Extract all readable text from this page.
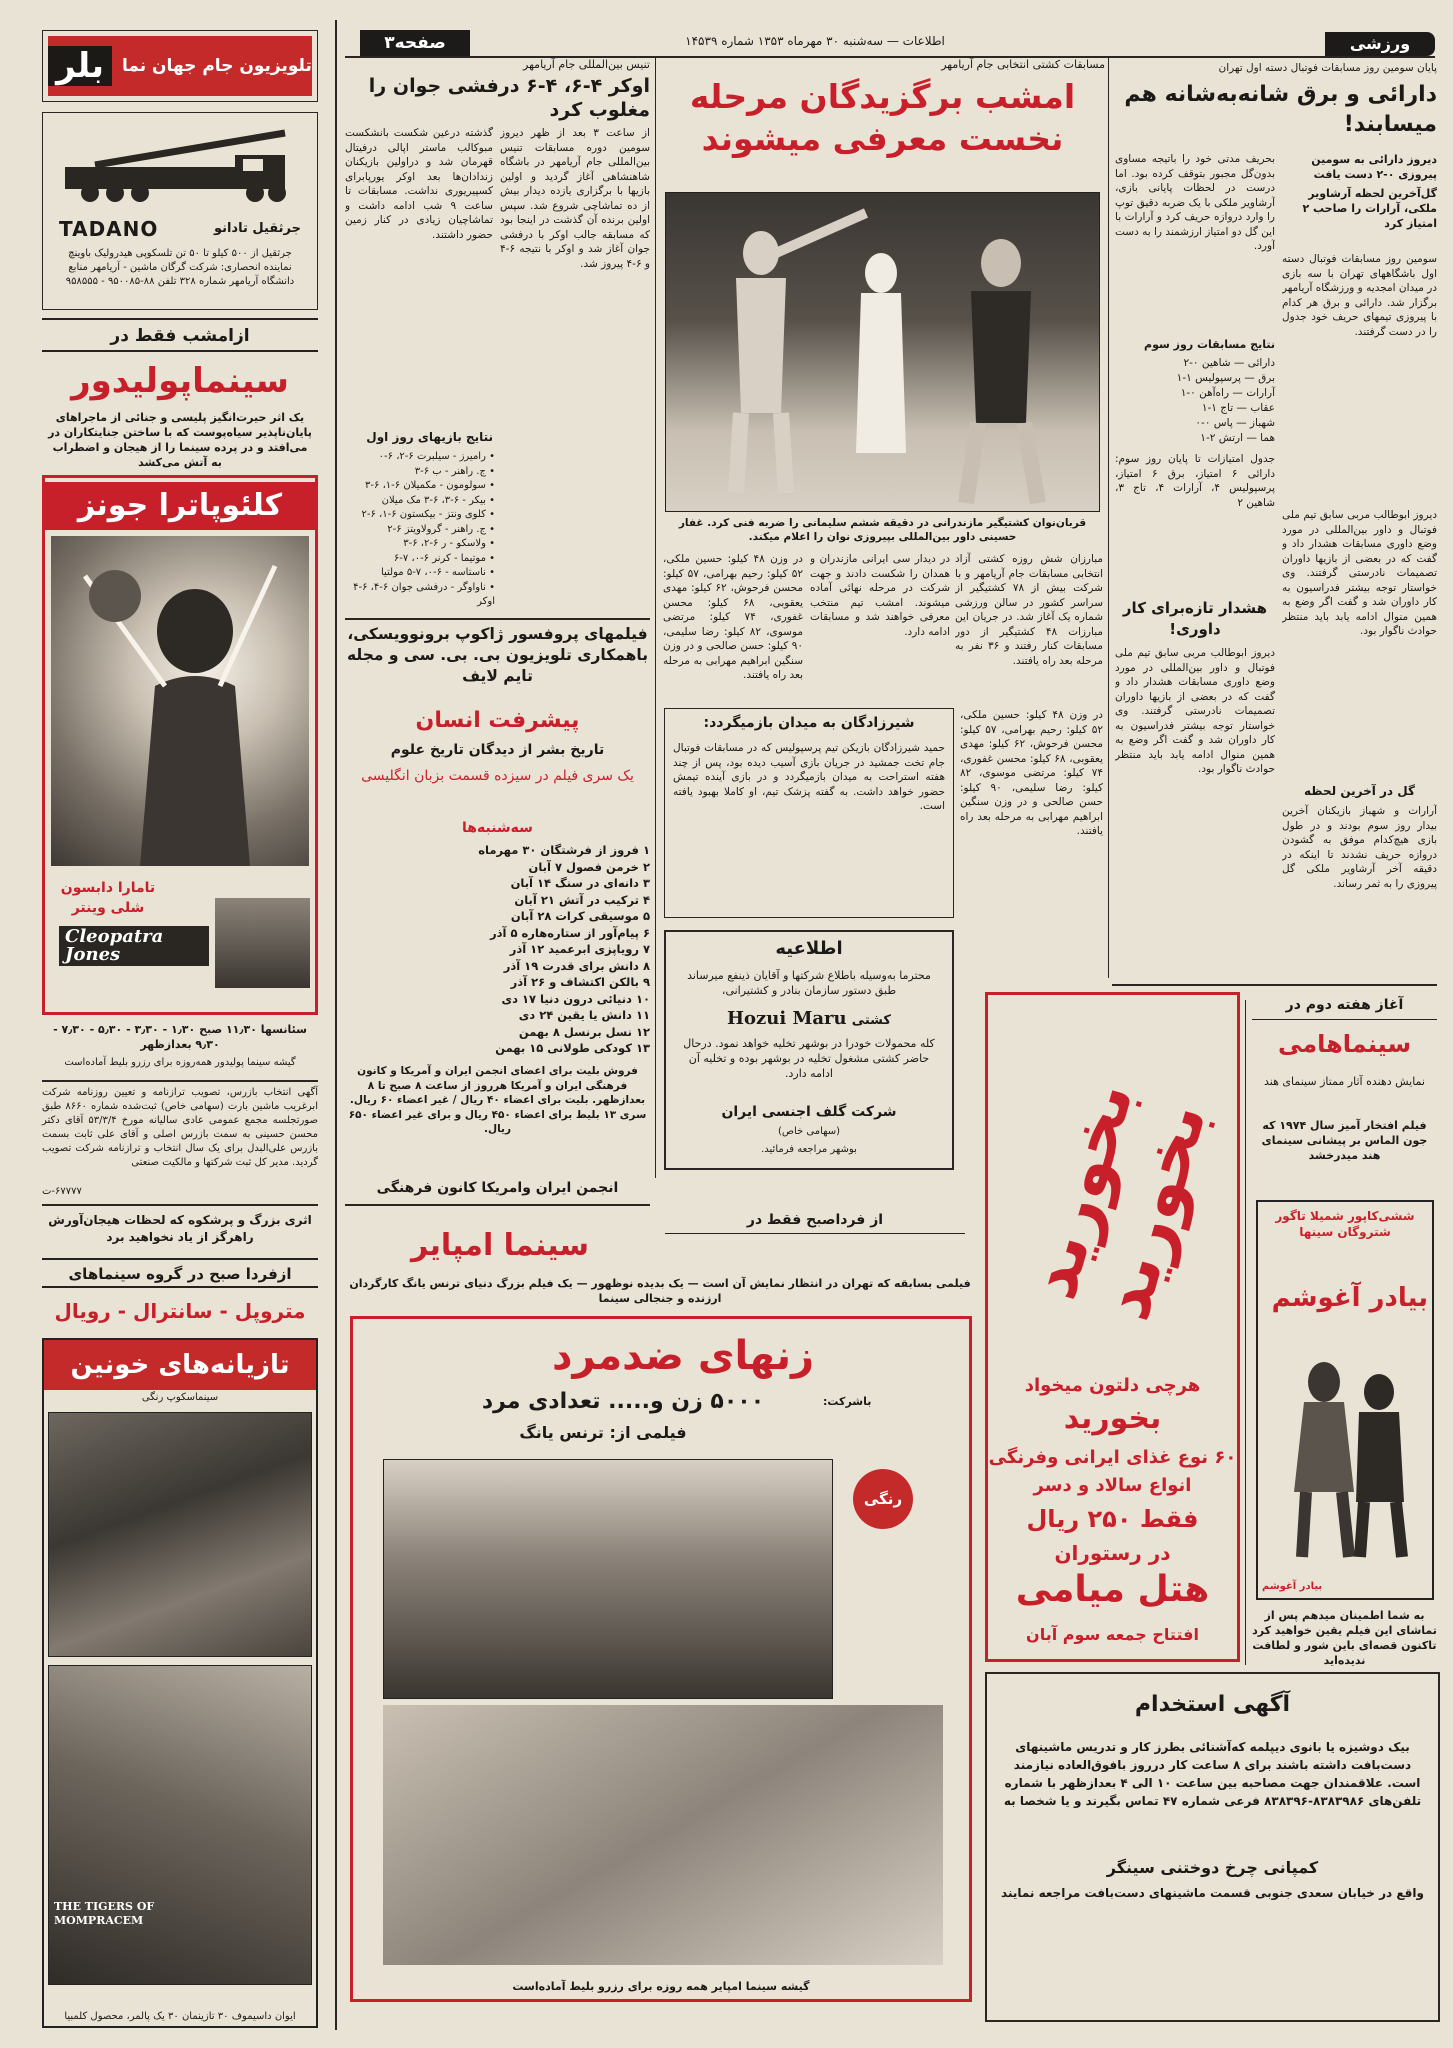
ورزشی
اطلاعات — سه‌شنبه ۳۰ مهرماه ۱۳۵۳ شماره ۱۴۵۳۹
صفحه۳
تلویزیون جام جهان نما
بلر
TADANO	جرثقیل تادانو
جرثقیل از ۵۰۰ کیلو تا ۵۰ تن تلسکوپی هیدرولیک باوینچ نماینده انحصاری: شرکت گرگان ماشین - آریامهر منابع دانشگاه آریامهر شماره ۳۲۸ تلفن ۸۸-۹۵۰۰۸۵ - ۹۵۸۵۵۵
ازامشب فقط در
سینماپولیدور
یک اثر حیرت‌انگیز پلیسی و جنائی از ماجراهای پایان‌ناپذیر سیاه‌پوست که با ساختن جنایتکاران در می‌افتد و در پرده سینما را از هیجان و اضطراب به آتش می‌کشد
کلئوپاترا جونز
تامارا دابسون شلی وینتر
Cleopatra Jones
سئانسها ۱۱٫۳۰ صبح ۱٫۳۰ - ۳٫۳۰ - ۵٫۳۰ - ۷٫۳۰ - ۹٫۳۰ بعدازظهر
گیشه سینما پولیدور همه‌روزه برای رزرو بلیط آماده‌است
آگهی انتخاب بازرس، تصویب ترازنامه و تعیین روزنامه شرکت ابرغریب ماشین بارت (سهامی خاص) ثبت‌شده شماره ۸۶۶۰ طبق صورتجلسه مجمع عمومی عادی سالیانه مورخ ۵۳/۳/۴ آقای دکتر محسن حسینی به سمت بازرس اصلی و آقای علی ثابت بسمت بازرس علی‌البدل برای یک سال انتخاب و ترازنامه شرکت تصویب گردید. مدیر کل ثبت شرکتها و مالکیت صنعتی
۶۷۷۷۷-ت
اثری بزرگ و پرشکوه که لحظات هیجان‌آورش راهرگز از یاد نخواهید برد
ازفردا صبح در گروه سینماهای
متروپل - سانترال - رویال
تازیانه‌های خونین
سینماسکوپ رنگی
THE TIGERS OF MOMPRACEM
ایوان داسیموف ۳۰ تازینمان ۳۰ یک پالمر، محصول کلمبیا
تنیس بین‌المللی جام آریامهر
اوکر ۴-۶، ۴-۶ درفشی جوان را مغلوب کرد
از ساعت ۳ بعد از ظهر دیروز سومین دوره مسابقات تنیس بین‌المللی جام آریامهر در باشگاه شاهنشاهی آغاز گردید و اولین بازیها با برگزاری یازده دیدار بیش از ده تماشاچی شروع شد. سپس اولین برنده آن گذشت در اینجا بود که مسابقه جالب اوکر با درفشی جوان آغاز شد و اوکر با نتیجه ۶-۴ و ۶-۴ پیروز شد.
گذشته درعین شکست بانشکست مبوکالب ماستر اپالی درفیتال قهرمان شد و دراولین بازیکنان زندادان‌ها بعد اوکر یورپابرای کسپیریوری نداشت. مسابقات تا ساعت ۹ شب ادامه داشت و تماشاچیان زیادی در کنار زمین حضور داشتند.
نتایج بازیهای روز اول
• رامیرز - سیلبرت ۶-۲، ۶-۰
• ج. راهنر - ب ۶-۳
• سولومون - مکمیلان ۶-۱، ۶-۳
• بیکر - ۶-۳، ۶-۳ مک میلان
• کلوی ونتز - بیکستون ۶-۱، ۶-۲
• ج. راهنر - گرولاویتز ۶-۲
• ولاسکو - ر ۶-۲، ۶-۳
• موتیما - کرنر ۶-۰، ۷-۶
• ناستاسه - ۶-۰، ۷-۵ مولتیا
• ناواوگر - درفشی جوان ۶-۴، ۶-۴ اوکر
فیلمهای پروفسور ژاکوپ برونوویسکی، باهمکاری تلویزیون بی. بی. سی و مجله تایم لایف
پیشرفت انسان
تاریخ بشر از دیدگان تاریخ علوم
یک سری فیلم در سیزده قسمت بزبان انگلیسی
سه‌شنبه‌ها
۱ فروز از فرشتگان ۳۰ مهرماه
۲ خرمن فصول ۷ آبان
۳ دانه‌ای در سنگ ۱۴ آبان
۴ ترکیب در آتش ۲۱ آبان
۵ موسیقی کرات ۲۸ آبان
۶ پیام‌آور از ستاره‌هاره ۵ آذر
۷ رویاپزی ابرعمید ۱۲ آذر
۸ دانش برای قدرت ۱۹ آذر
۹ بالکن اکتشاف و ۲۶ آذر
۱۰ دنیائی درون دنیا ۱۷ دی
۱۱ دانش یا یقین ۲۴ دی
۱۲ نسل برنسل ۸ بهمن
۱۳ کودکی طولانی ۱۵ بهمن
فروش بلیت برای اعضای انجمن ایران و آمریکا و کانون فرهنگی ایران و آمریکا هرروز از ساعت ۸ صبح تا ۸ بعدازظهر. بلیت برای اعضاء ۴۰ ریال / غیر اعضاء ۶۰ ریال. سری ۱۳ بلیط برای اعضاء ۴۵۰ ریال و برای غیر اعضاء ۶۵۰ ریال.
انجمن ایران وامریکا کانون فرهنگی
مسابقات کشتی انتخابی جام آریامهر
امشب برگزیدگان مرحله نخست معرفی میشوند
قربان‌نوان کشتیگیر مازندرانی در دقیقه ششم سلیمانی را ضربه فنی کرد. غفار حسینی داور بین‌المللی بپیروزی نوان را اعلام میکند.
مبارزان شش روزه کشتی آزاد انتخابی مسابقات جام آریامهر و با شرکت بیش از ۷۸ کشتیگیر از سراسر کشور در سالن ورزشی شماره یک آغاز شد. در جریان این مبارزات ۴۸ کشتیگیر از دور مسابقات کنار رفتند و ۳۶ نفر به مرحله بعد راه یافتند.
در دیدار سی ایرانی مازندران و همدان را شکست دادند و جهت شرکت در مرحله نهائی آماده میشوند. امشب تیم منتخب معرفی خواهند شد و مسابقات ادامه دارد.
در وزن ۴۸ کیلو: حسین ملکی، ۵۲ کیلو: رحیم بهرامی، ۵۷ کیلو: محسن فرحوش، ۶۲ کیلو: مهدی یعقوبی، ۶۸ کیلو: محسن غفوری، ۷۴ کیلو: مرتضی موسوی، ۸۲ کیلو: رضا سلیمی، ۹۰ کیلو: حسن صالحی و در وزن سنگین ابراهیم مهرابی به مرحله بعد راه یافتند.
شیرزادگان به میدان بازمیگردد:
حمید شیرزادگان بازیکن تیم پرسپولیس که در مسابقات فوتبال جام تخت جمشید در جریان بازی آسیب دیده بود، پس از چند هفته استراحت به میدان بازمیگردد و در بازی آینده تیمش حضور خواهد داشت. به گفته پزشک تیم، او کاملا بهبود یافته است.
در وزن ۴۸ کیلو: حسین ملکی، ۵۲ کیلو: رحیم بهرامی، ۵۷ کیلو: محسن فرحوش، ۶۲ کیلو: مهدی یعقوبی، ۶۸ کیلو: محسن غفوری، ۷۴ کیلو: مرتضی موسوی، ۸۲ کیلو: رضا سلیمی، ۹۰ کیلو: حسن صالحی و در وزن سنگین ابراهیم مهرابی به مرحله بعد راه یافتند.
اطلاعیه
محترما به‌وسیله باطلاع شرکتها و آقایان ذینفع میرساند طبق دستور سازمان بنادر و کشتیرانی،
کشتی Hozui Maru
کله محمولات خودرا در بوشهر تخلیه خواهد نمود. درحال حاضر کشتی مشغول تخلیه در بوشهر بوده و تخلیه آن ادامه دارد.
شرکت گلف اجنسی ایران
(سهامی خاص)
بوشهر مراجعه فرمائید.
پایان سومین روز مسابقات فوتبال دسته اول تهران
دارائی و برق شانه‌به‌شانه هم میسابند!

دیروز دارائی به سومین پیروزی ۰-۲ دست یافت

گل‌آخرین لحظه آرشاویر ملکی، آرارات را صاحب ۲ امتیاز کرد

بحریف مدتی خود را باتیجه مساوی بدون‌گل مجبور بتوقف کرده بود. اما درست در لحظات پایانی بازی، آرشاویر ملکی با یک ضربه دقیق توپ را وارد دروازه حریف کرد و آرارات با این گل دو امتیاز ارزشمند را به دست آورد.
سومین روز مسابقات فوتبال دسته اول باشگاههای تهران با سه بازی در میدان امجدیه و ورزشگاه آریامهر برگزار شد. دارائی و برق هر کدام با پیروزی تیمهای حریف خود جدول را در دست گرفتند.
نتایج مسابقات روز سوم
دارائی — شاهین ۰-۲
برق — پرسپولیس ۱-۱
آرارات — راه‌آهن ۰-۱
عقاب — تاج ۱-۱
شهباز — پاس ۰-۰
هما — ارتش ۲-۱
جدول امتیازات تا پایان روز سوم: دارائی ۶ امتیاز، برق ۶ امتیاز، پرسپولیس ۴، آرارات ۴، تاج ۳، شاهین ۲
هشدار تازه‌برای کار داوری!
دیروز ابوطالب مربی سابق تیم ملی فوتبال و داور بین‌المللی در مورد وضع داوری مسابقات هشدار داد و گفت که در بعضی از بازیها داوران تصمیمات نادرستی گرفتند. وی خواستار توجه بیشتر فدراسیون به کار داوران شد و گفت اگر وضع به همین منوال ادامه یابد باید منتظر حوادث ناگوار بود.
دیروز ابوطالب مربی سابق تیم ملی فوتبال و داور بین‌المللی در مورد وضع داوری مسابقات هشدار داد و گفت که در بعضی از بازیها داوران تصمیمات نادرستی گرفتند. وی خواستار توجه بیشتر فدراسیون به کار داوران شد و گفت اگر وضع به همین منوال ادامه یابد باید منتظر حوادث ناگوار بود.
گل در آخرین لحظه
آرارات و شهباز بازیکنان آخرین بیدار روز سوم بودند و در طول بازی هیچ‌کدام موفق به گشودن دروازه حریف نشدند تا اینکه در دقیقه آخر آرشاویر ملکی گل پیروزی را به ثمر رساند.
آغاز هفته دوم در
سینماهامی
نمایش دهنده آثار ممتاز سینمای هند
فیلم افتخار آمیز سال ۱۹۷۴ که جون الماس بر پیشانی سینمای هند میدرخشد
ششی‌کاپور شمیلا تاگور شتروگان سینها
بیادر آغوشم
بیادر آغوشم
به شما اطمینان میدهم پس از تماشای این فیلم یقین خواهید کرد تاکنون قصه‌ای باین شور و لطافت ندیده‌اید
بخورید بخورید
هرچی دلتون میخواد
بخورید
۶۰ نوع غذای ایرانی وفرنگی
انواع سالاد و دسر
فقط ۲۵۰ ریال
در رستوران
هتل میامی
افتتاح جمعه سوم آبان
از فرداصبح فقط در
سینما امپایر
فیلمی بسابقه که تهران در انتظار نمایش آن است — یک بدیده نوظهور — یک فیلم بزرگ دنیای ترنس یانگ کارگردان ارزنده و جنجالی سینما
زنهای ضدمرد
باشرکت:
۵۰۰۰ زن و..... تعدادی مرد
فیلمی از: ترنس یانگ
رنگی
گیشه سینما امپایر همه روزه برای رزرو بلیط آماده‌است
آگهی استخدام
بیک دوشیزه یا بانوی دیپلمه که‌آشنائی بطرز کار و تدریس ماشینهای دست‌بافت داشته باشند برای ۸ ساعت کار درروز بافوق‌العاده نیازمند است. علاقمندان جهت مصاحبه بین ساعت ۱۰ الی ۴ بعدازظهر با شماره تلفن‌های ۸۳۸۳۹۸۶-۸۳۸۳۹۶ فرعی شماره ۴۷ تماس بگیرند و یا شخصا به
کمپانی چرخ دوختنی سینگر
واقع در خیابان سعدی جنوبی قسمت ماشینهای دست‌بافت مراجعه نمایند
